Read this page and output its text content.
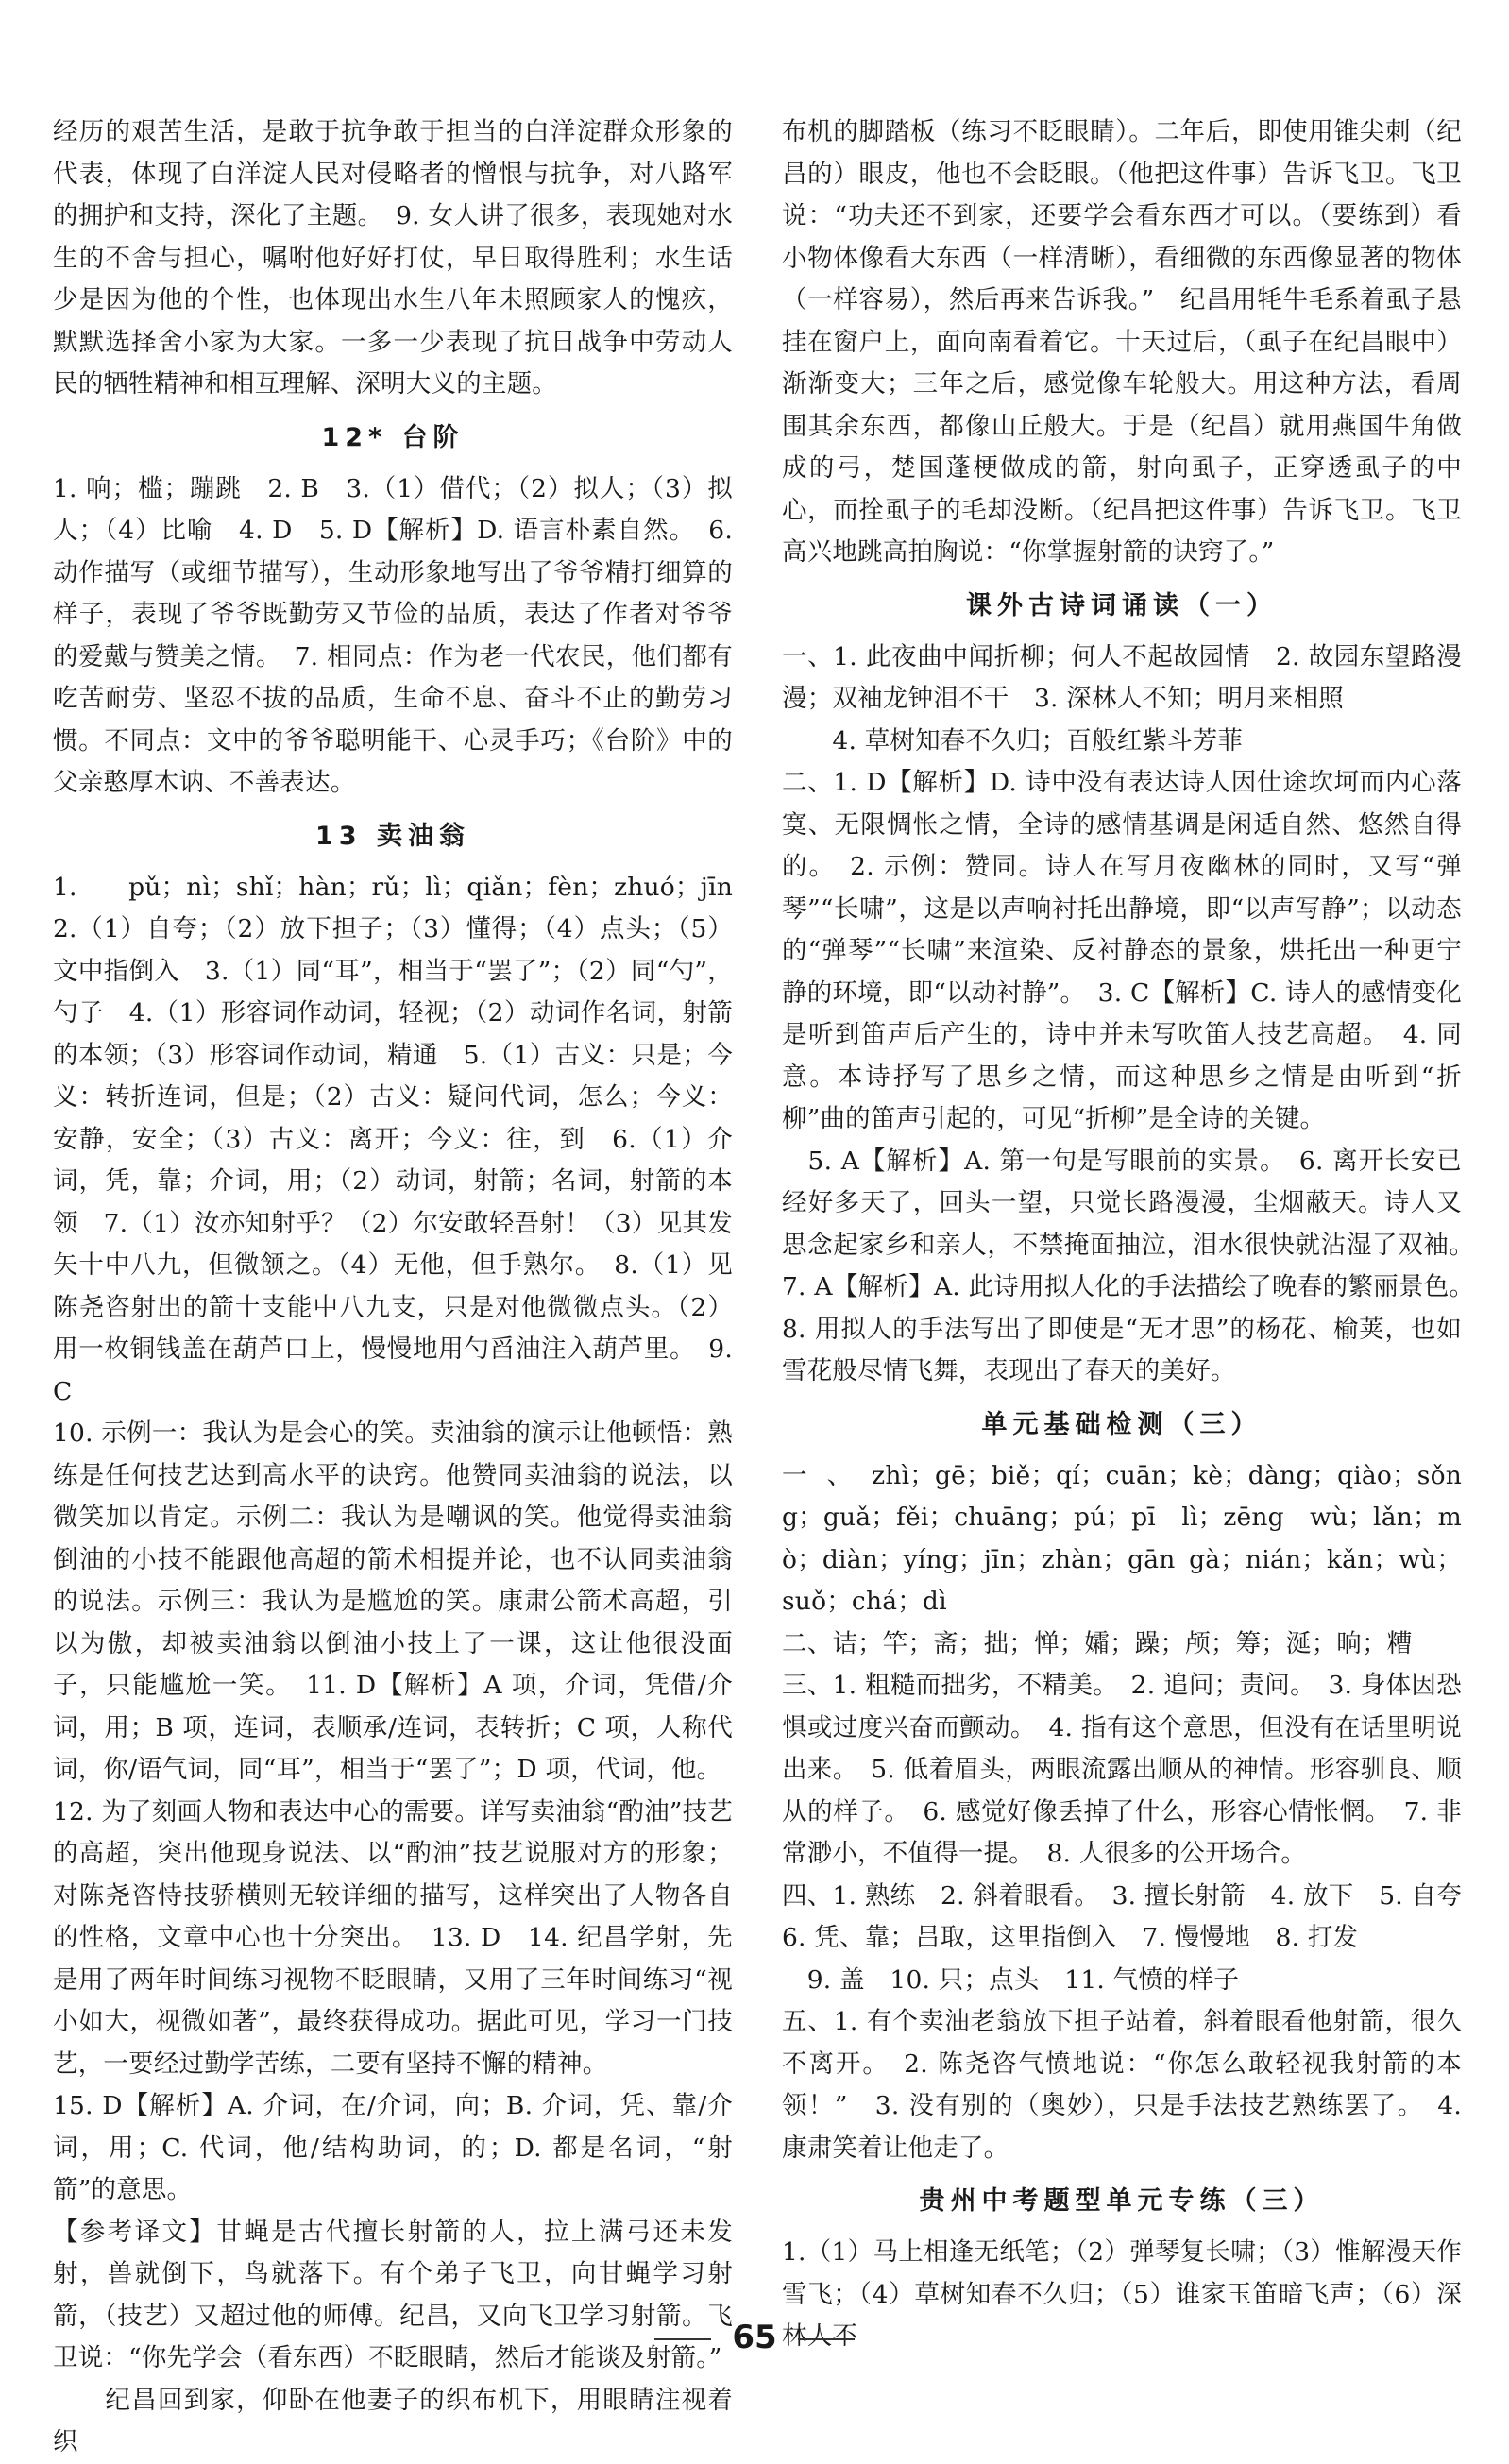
经历的艰苦生活，是敢于抗争敢于担当的白洋淀群众形象的代表，体现了白洋淀人民对侵略者的憎恨与抗争，对八路军的拥护和支持，深化了主题。　9. 女人讲了很多，表现她对水生的不舍与担心，嘱咐他好好打仗，早日取得胜利；水生话少是因为他的个性，也体现出水生八年未照顾家人的愧疚，默默选择舍小家为大家。一多一少表现了抗日战争中劳动人民的牺牲精神和相互理解、深明大义的主题。

12* 台阶

1. 响；槛；蹦跳　2. B　3.（1）借代；（2）拟人；（3）拟人；（4）比喻　4. D　5. D【解析】D. 语言朴素自然。　6. 动作描写（或细节描写），生动形象地写出了爷爷精打细算的样子，表现了爷爷既勤劳又节俭的品质，表达了作者对爷爷的爱戴与赞美之情。　7. 相同点：作为老一代农民，他们都有吃苦耐劳、坚忍不拔的品质，生命不息、奋斗不止的勤劳习惯。不同点：文中的爷爷聪明能干、心灵手巧；《台阶》中的父亲憨厚木讷、不善表达。

13 卖油翁

1. pǔ；nì；shǐ；hàn；rǔ；lì；qiǎn；fèn；zhuó；jīn　2.（1）自夸；（2）放下担子；（3）懂得；（4）点头；（5）文中指倒入　3.（1）同“耳”，相当于“罢了”；（2）同“勺”，勺子　4.（1）形容词作动词，轻视；（2）动词作名词，射箭的本领；（3）形容词作动词，精通　5.（1）古义：只是；今义：转折连词，但是；（2）古义：疑问代词，怎么；今义：安静，安全；（3）古义：离开；今义：往，到　6.（1）介词，凭，靠；介词，用；（2）动词，射箭；名词，射箭的本领　7.（1）汝亦知射乎？（2）尔安敢轻吾射！（3）见其发矢十中八九，但微颔之。（4）无他，但手熟尔。　8.（1）见陈尧咨射出的箭十支能中八九支，只是对他微微点头。（2）用一枚铜钱盖在葫芦口上，慢慢地用勺舀油注入葫芦里。　9. C

10. 示例一：我认为是会心的笑。卖油翁的演示让他顿悟：熟练是任何技艺达到高水平的诀窍。他赞同卖油翁的说法，以微笑加以肯定。示例二：我认为是嘲讽的笑。他觉得卖油翁倒油的小技不能跟他高超的箭术相提并论，也不认同卖油翁的说法。示例三：我认为是尴尬的笑。康肃公箭术高超，引以为傲，却被卖油翁以倒油小技上了一课，这让他很没面子，只能尴尬一笑。　11. D【解析】A 项，介词，凭借/介词，用；B 项，连词，表顺承/连词，表转折；C 项，人称代词，你/语气词，同“耳”，相当于“罢了”；D 项，代词，他。

12. 为了刻画人物和表达中心的需要。详写卖油翁“酌油”技艺的高超，突出他现身说法、以“酌油”技艺说服对方的形象；对陈尧咨恃技骄横则无较详细的描写，这样突出了人物各自的性格，文章中心也十分突出。　13. D　14. 纪昌学射，先是用了两年时间练习视物不眨眼睛，又用了三年时间练习“视小如大，视微如著”，最终获得成功。据此可见，学习一门技艺，一要经过勤学苦练，二要有坚持不懈的精神。

15. D【解析】A. 介词，在/介词，向；B. 介词，凭、靠/介词，用；C. 代词，他/结构助词，的；D. 都是名词，“射箭”的意思。

【参考译文】甘蝇是古代擅长射箭的人，拉上满弓还未发射，兽就倒下，鸟就落下。有个弟子飞卫，向甘蝇学习射箭，（技艺）又超过他的师傅。纪昌，又向飞卫学习射箭。飞卫说：“你先学会（看东西）不眨眼睛，然后才能谈及射箭。”

　　纪昌回到家，仰卧在他妻子的织布机下，用眼睛注视着织

布机的脚踏板（练习不眨眼睛）。二年后，即使用锥尖刺（纪昌的）眼皮，他也不会眨眼。（他把这件事）告诉飞卫。飞卫说：“功夫还不到家，还要学会看东西才可以。（要练到）看小物体像看大东西（一样清晰），看细微的东西像显著的物体（一样容易），然后再来告诉我。”　纪昌用牦牛毛系着虱子悬挂在窗户上，面向南看着它。十天过后，（虱子在纪昌眼中）渐渐变大；三年之后，感觉像车轮般大。用这种方法，看周围其余东西，都像山丘般大。于是（纪昌）就用燕国牛角做成的弓，楚国蓬梗做成的箭，射向虱子，正穿透虱子的中心，而拴虱子的毛却没断。（纪昌把这件事）告诉飞卫。飞卫高兴地跳高拍胸说：“你掌握射箭的诀窍了。”

课外古诗词诵读（一）

一、1. 此夜曲中闻折柳；何人不起故园情　2. 故园东望路漫漫；双袖龙钟泪不干　3. 深林人不知；明月来相照

　　4. 草树知春不久归；百般红紫斗芳菲

二、1. D【解析】D. 诗中没有表达诗人因仕途坎坷而内心落寞、无限惆怅之情，全诗的感情基调是闲适自然、悠然自得的。　2. 示例：赞同。诗人在写月夜幽林的同时，又写“弹琴”“长啸”，这是以声响衬托出静境，即“以声写静”；以动态的“弹琴”“长啸”来渲染、反衬静态的景象，烘托出一种更宁静的环境，即“以动衬静”。　3. C【解析】C. 诗人的感情变化是听到笛声后产生的，诗中并未写吹笛人技艺高超。　4. 同意。本诗抒写了思乡之情，而这种思乡之情是由听到“折柳”曲的笛声引起的，可见“折柳”是全诗的关键。

　5. A【解析】A. 第一句是写眼前的实景。　6. 离开长安已经好多天了，回头一望，只觉长路漫漫，尘烟蔽天。诗人又思念起家乡和亲人，不禁掩面抽泣，泪水很快就沾湿了双袖。　7. A【解析】A. 此诗用拟人化的手法描绘了晚春的繁丽景色。　8. 用拟人的手法写出了即使是“无才思”的杨花、榆荚，也如雪花般尽情飞舞，表现出了春天的美好。

单元基础检测（三）

一、zhì；gē；biě；qí；cuān；kè；dàng；qiào；sǒng；guǎ；fěi；chuāng；pú；pī lì；zēng wù；lǎn；mò；diàn；yíng；jīn；zhàn；gān gà；nián；kǎn；wù；suǒ；chá；dì

二、诘；竿；斋；拙；惮；孀；躁；颅；筹；涎；晌；糟

三、1. 粗糙而拙劣，不精美。　2. 追问；责问。　3. 身体因恐惧或过度兴奋而颤动。　4. 指有这个意思，但没有在话里明说出来。　5. 低着眉头，两眼流露出顺从的神情。形容驯良、顺从的样子。　6. 感觉好像丢掉了什么，形容心情怅惘。　7. 非常渺小，不值得一提。　8. 人很多的公开场合。

四、1. 熟练　2. 斜着眼看。　3. 擅长射箭　4. 放下　5. 自夸　6. 凭、靠；吕取，这里指倒入　7. 慢慢地　8. 打发

　9. 盖　10. 只；点头　11. 气愤的样子

五、1. 有个卖油老翁放下担子站着，斜着眼看他射箭，很久不离开。　2. 陈尧咨气愤地说：“你怎么敢轻视我射箭的本领！”　3. 没有别的（奥妙），只是手法技艺熟练罢了。　4. 康肃笑着让他走了。

贵州中考题型单元专练（三）

1.（1）马上相逢无纸笔；（2）弹琴复长啸；（3）惟解漫天作雪飞；（4）草树知春不久归；（5）谁家玉笛暗飞声；（6）深林人不

65
